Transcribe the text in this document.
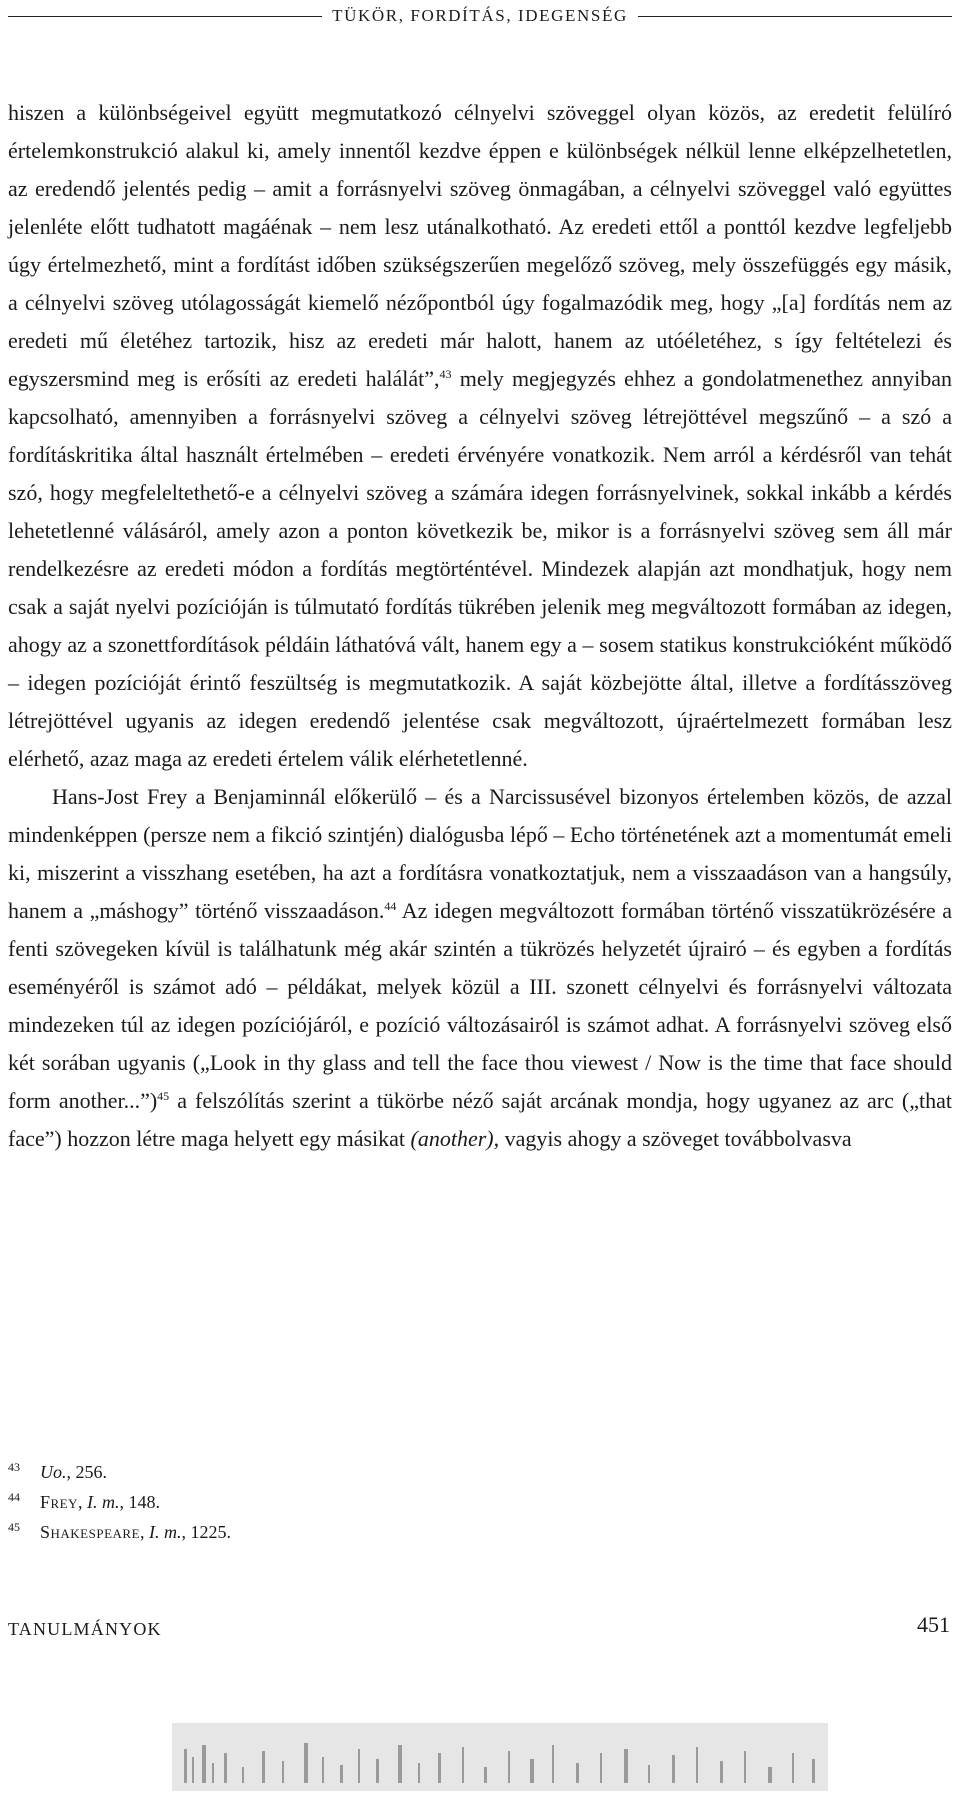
TÜKÖR, FORDÍTÁS, IDEGENSÉG

hiszen a különbségeivel együtt megmutatkozó célnyelvi szöveggel olyan közös, az eredetit felülíró értelemkonstrukció alakul ki, amely innentől kezdve éppen e különbségek nélkül lenne elképzelhetetlen, az eredendő jelentés pedig – amit a forrásnyelvi szöveg önmagában, a célnyelvi szöveggel való együttes jelenléte előtt tudhatott magáénak – nem lesz utánalkotható. Az eredeti ettől a ponttól kezdve legfeljebb úgy értelmezhető, mint a fordítást időben szükségszerűen megelőző szöveg, mely összefüggés egy másik, a célnyelvi szöveg utólagosságát kiemelő nézőpontból úgy fogalmazódik meg, hogy „[a] fordítás nem az eredeti mű életéhez tartozik, hisz az eredeti már halott, hanem az utóéletéhez, s így feltételezi és egyszersmind meg is erősíti az eredeti halálát”,$^{43}$ mely megjegyzés ehhez a gondolatmenethez annyiban kapcsolható, amennyiben a forrásnyelvi szöveg a célnyelvi szöveg létrejöttével megszűnő – a szó a fordításkritika által használt értelmében – eredeti érvényére vonatkozik. Nem arról a kérdésről van tehát szó, hogy megfeleltethető-e a célnyelvi szöveg a számára idegen forrásnyelvinek, sokkal inkább a kérdés lehetetlenné válásáról, amely azon a ponton következik be, mikor is a forrásnyelvi szöveg sem áll már rendelkezésre az eredeti módon a fordítás megtörténtével. Mindezek alapján azt mondhatjuk, hogy nem csak a saját nyelvi pozícióján is túlmutató fordítás tükrében jelenik meg megváltozott formában az idegen, ahogy az a szonettfordítások példáin láthatóvá vált, hanem egy a – sosem statikus konstrukcióként működő – idegen pozícióját érintő feszültség is megmutatkozik. A saját közbejötte által, illetve a fordításszöveg létrejöttével ugyanis az idegen eredendő jelentése csak megváltozott, újraértelmezett formában lesz elérhető, azaz maga az eredeti értelem válik elérhetetlenné.

Hans-Jost Frey a Benjaminnál előkerülő – és a Narcissusével bizonyos értelemben közös, de azzal mindenképpen (persze nem a fikció szintjén) dialógusba lépő – Echo történetének azt a momentumát emeli ki, miszerint a visszhang esetében, ha azt a fordításra vonatkoztatjuk, nem a visszaadáson van a hangsúly, hanem a „máshogy” történő visszaadáson.$^{44}$ Az idegen megváltozott formában történő visszatükrözésére a fenti szövegeken kívül is találhatunk még akár szintén a tükrözés helyzetét újrairó – és egyben a fordítás eseményéről is számot adó – példákat, melyek közül a III. szonett célnyelvi és forrásnyelvi változata mindezeken túl az idegen pozíciójáról, e pozíció változásairól is számot adhat. A forrásnyelvi szöveg első két sorában ugyanis („Look in thy glass and tell the face thou viewest / Now is the time that face should form another...”)$^{45}$ a felszólítás szerint a tükörbe néző saját arcának mondja, hogy ugyanez az arc („that face”) hozzon létre maga helyett egy másikat (another), vagyis ahogy a szöveget továbbolvasva

43	Uo., 256.
44	Frey, I. m., 148.
45	Shakespeare, I. m., 1225.
TANULMÁNYOK	451
